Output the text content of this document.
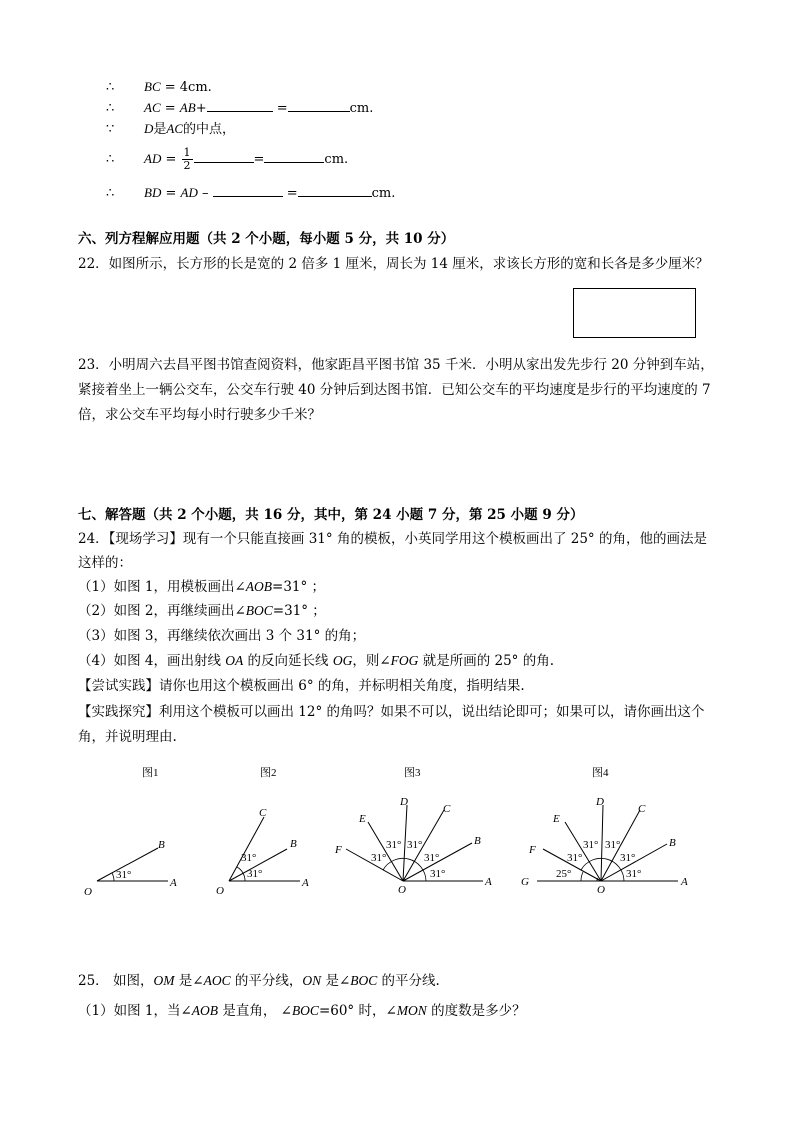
∴ BC = 4cm.
∴ AC = AB+	=	cm.
∵ D是AC的中点，
∴ AD = $\frac{1}{2}$	=	cm.
∴ BD = AD –	=	cm.
六、列方程解应用题（共 2 个小题，每小题 5 分，共 10 分）
22．如图所示，长方形的长是宽的 2 倍多 1 厘米，周长为 14 厘米，求该长方形的宽和长各是多少厘米？
23．小明周六去昌平图书馆查阅资料，他家距昌平图书馆 35 千米．小明从家出发先步行 20 分钟到车站，
紧接着坐上一辆公交车，公交车行驶 40 分钟后到达图书馆．已知公交车的平均速度是步行的平均速度的 7
倍，求公交车平均每小时行驶多少千米？
七、解答题（共 2 个小题，共 16 分，其中，第 24 小题 7 分，第 25 小题 9 分）
24．【现场学习】现有一个只能直接画 31° 角的模板，小英同学用这个模板画出了 25° 的角，他的画法是
这样的：
（1）如图 1，用模板画出∠AOB=31° ；
（2）如图 2，再继续画出∠BOC=31° ；
（3）如图 3，再继续依次画出 3 个 31° 的角；
（4）如图 4，画出射线 OA 的反向延长线 OG，则∠FOG 就是所画的 25° 的角.
【尝试实践】请你也用这个模板画出 6° 的角，并标明相关角度，指明结果.
【实践探究】利用这个模板可以画出 12° 的角吗？如果不可以，说出结论即可；如果可以，请你画出这个
角，并说明理由.
图1
B
O
A
31°
图2
C
B
O
A
31°
31°
图3
D
C
E
B
F
O
A
31°
31°
31°
31°
31°
图4
D
C
E
B
F
G
O
A
31°
31°
31°
31°
31°
25°
25． 如图，OM 是∠AOC 的平分线，ON 是∠BOC 的平分线.
（1）如图 1，当∠AOB 是直角， ∠BOC=60° 时，∠MON 的度数是多少？
